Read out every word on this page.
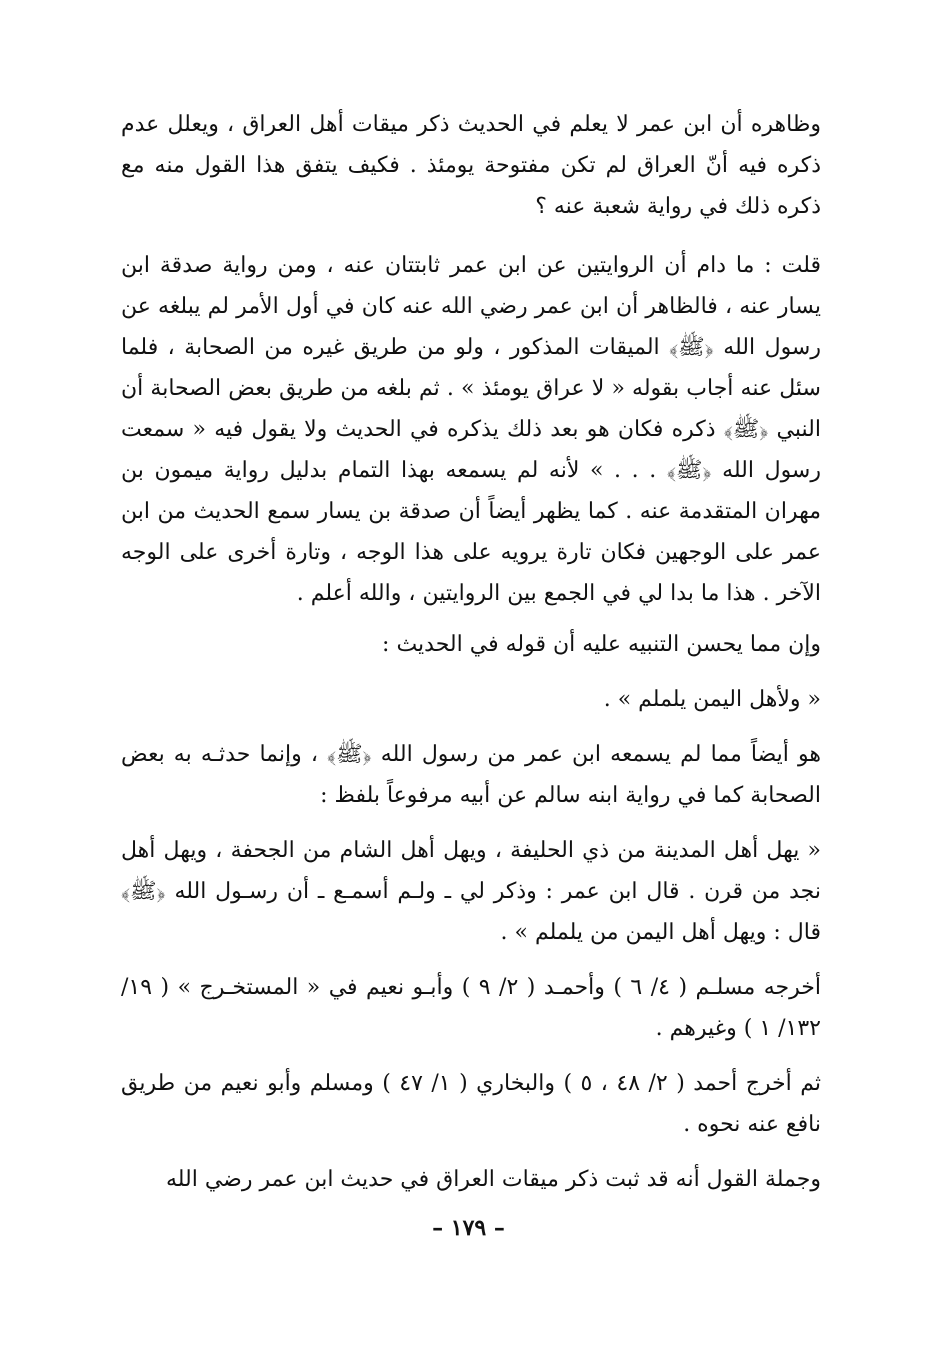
وظاهره أن ابن عمر لا يعلم في الحديث ذكر ميقات أهل العراق ، ويعلل عدم ذكره فيه أنّ العراق لم تكن مفتوحة يومئذ . فكيف يتفق هذا القول منه مع ذكره ذلك في رواية شعبة عنه ؟

قلت : ما دام أن الروايتين عن ابن عمر ثابتتان عنه ، ومن رواية صدقة ابن يسار عنه ، فالظاهر أن ابن عمر رضي الله عنه كان في أول الأمر لم يبلغه عن رسول الله ﴿ﷺ﴾ الميقات المذكور ، ولو من طريق غيره من الصحابة ، فلما سئل عنه أجاب بقوله « لا عراق يومئذ » . ثم بلغه من طريق بعض الصحابة أن النبي ﴿ﷺ﴾ ذكره فكان هو بعد ذلك يذكره في الحديث ولا يقول فيه « سمعت رسول الله ﴿ﷺ﴾ . . . » لأنه لم يسمعه بهذا التمام بدليل رواية ميمون بن مهران المتقدمة عنه . كما يظهر أيضاً أن صدقة بن يسار سمع الحديث من ابن عمر على الوجهين فكان تارة يرويه على هذا الوجه ، وتارة أخرى على الوجه الآخر . هذا ما بدا لي في الجمع بين الروايتين ، والله أعلم .

وإن مما يحسن التنبيه عليه أن قوله في الحديث :

« ولأهل اليمن يلملم » .

هو أيضاً مما لم يسمعه ابن عمر من رسول الله ﴿ﷺ﴾ ، وإنما حدثـه به بعض الصحابة كما في رواية ابنه سالم عن أبيه مرفوعاً بلفظ :

« يهل أهل المدينة من ذي الحليفة ، ويهل أهل الشام من الجحفة ، ويهل أهل نجد من قرن . قال ابن عمر : وذكر لي ـ ولـم أسمـع ـ أن رسـول الله ﴿ﷺ﴾ قال : ويهل أهل اليمن من يلملم » .

أخرجه مسلـم ( ٤/ ٦ ) وأحمـد ( ٢/ ٩ ) وأبـو نعيم في « المستخـرج » ( ١٩/ ١٣٢/ ١ ) وغيرهم .

ثم أخرج أحمد ( ٢/ ٤٨ ، ٥ ) والبخاري ( ١/ ٤٧ ) ومسلم وأبو نعيم من طريق نافع عنه نحوه .

وجملة القول أنه قد ثبت ذكر ميقات العراق في حديث ابن عمر رضي الله

– ١٧٩ –
